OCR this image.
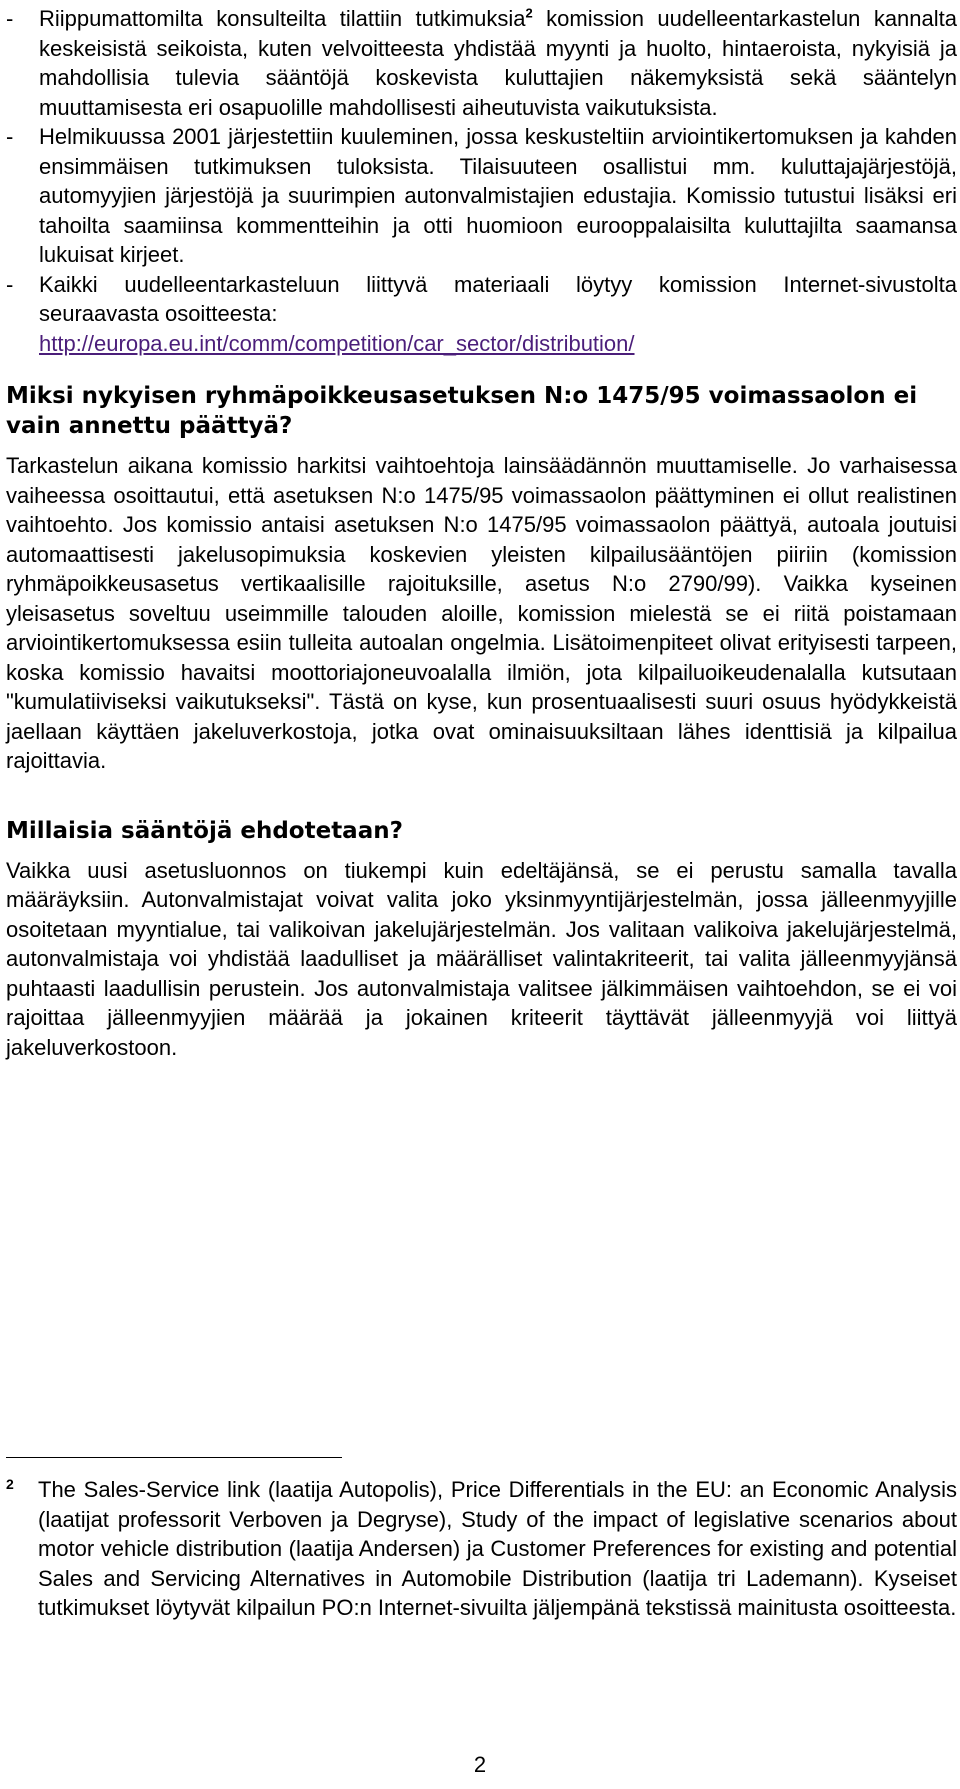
- Riippumattomilta konsulteilta tilattiin tutkimuksia$^2$ komission uudelleentarkastelun kannalta keskeisistä seikoista, kuten velvoitteesta yhdistää myynti ja huolto, hintaeroista, nykyisiä ja mahdollisia tulevia sääntöjä koskevista kuluttajien näkemyksistä sekä sääntelyn muuttamisesta eri osapuolille mahdollisesti aiheutuvista vaikutuksista.
- Helmikuussa 2001 järjestettiin kuuleminen, jossa keskusteltiin arviointikertomuksen ja kahden ensimmäisen tutkimuksen tuloksista. Tilaisuuteen osallistui mm. kuluttajajärjestöjä, automyyjien järjestöjä ja suurimpien autonvalmistajien edustajia. Komissio tutustui lisäksi eri tahoilta saamiinsa kommentteihin ja otti huomioon eurooppalaisilta kuluttajilta saamansa lukuisat kirjeet.
- Kaikki uudelleentarkasteluun liittyvä materiaali löytyy komission Internet-sivustolta seuraavasta osoitteesta:
http://europa.eu.int/comm/competition/car_sector/distribution/
Miksi nykyisen ryhmäpoikkeusasetuksen N:o 1475/95 voimassaolon ei vain annettu päättyä?

Tarkastelun aikana komissio harkitsi vaihtoehtoja lainsäädännön muuttamiselle. Jo varhaisessa vaiheessa osoittautui, että asetuksen N:o 1475/95 voimassaolon päättyminen ei ollut realistinen vaihtoehto. Jos komissio antaisi asetuksen N:o 1475/95 voimassaolon päättyä, autoala joutuisi automaattisesti jakelusopimuksia koskevien yleisten kilpailusääntöjen piiriin (komission ryhmäpoikkeusasetus vertikaalisille rajoituksille, asetus N:o 2790/99). Vaikka kyseinen yleisasetus soveltuu useimmille talouden aloille, komission mielestä se ei riitä poistamaan arviointikertomuksessa esiin tulleita autoalan ongelmia. Lisätoimenpiteet olivat erityisesti tarpeen, koska komissio havaitsi moottoriajoneuvoalalla ilmiön, jota kilpailuoikeudenalalla kutsutaan "kumulatiiviseksi vaikutukseksi". Tästä on kyse, kun prosentuaalisesti suuri osuus hyödykkeistä jaellaan käyttäen jakeluverkostoja, jotka ovat ominaisuuksiltaan lähes identtisiä ja kilpailua rajoittavia.

Millaisia sääntöjä ehdotetaan?

Vaikka uusi asetusluonnos on tiukempi kuin edeltäjänsä, se ei perustu samalla tavalla määräyksiin. Autonvalmistajat voivat valita joko yksinmyyntijärjestelmän, jossa jälleenmyyjille osoitetaan myyntialue, tai valikoivan jakelujärjestelmän. Jos valitaan valikoiva jakelujärjestelmä, autonvalmistaja voi yhdistää laadulliset ja määrälliset valintakriteerit, tai valita jälleenmyyjänsä puhtaasti laadullisin perustein. Jos autonvalmistaja valitsee jälkimmäisen vaihtoehdon, se ei voi rajoittaa jälleenmyyjien määrää ja jokainen kriteerit täyttävät jälleenmyyjä voi liittyä jakeluverkostoon.

2	The Sales-Service link (laatija Autopolis), Price Differentials in the EU: an Economic Analysis (laatijat professorit Verboven ja Degryse), Study of the impact of legislative scenarios about motor vehicle distribution (laatija Andersen) ja Customer Preferences for existing and potential Sales and Servicing Alternatives in Automobile Distribution (laatija tri Lademann). Kyseiset tutkimukset löytyvät kilpailun PO:n Internet-sivuilta jäljempänä tekstissä mainitusta osoitteesta.
2
